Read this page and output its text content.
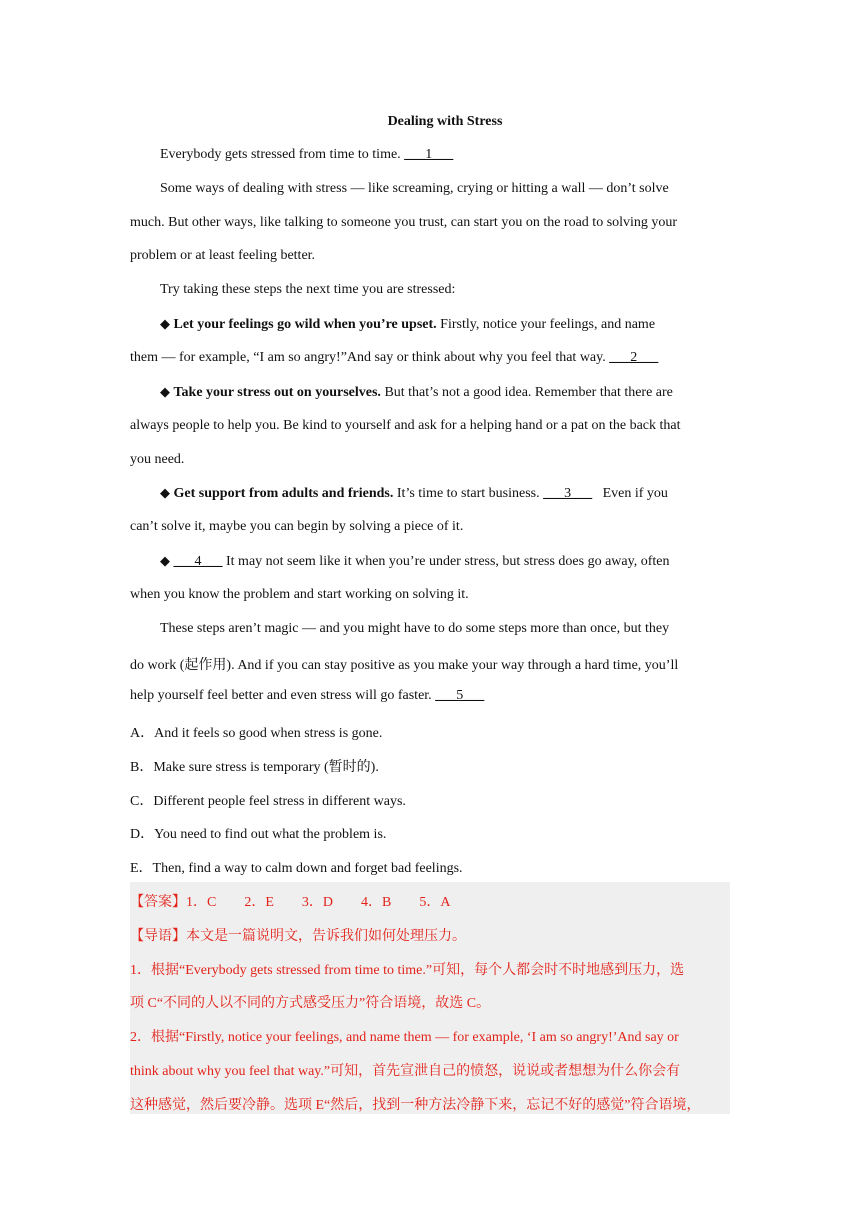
Dealing with Stress
Everybody gets stressed from time to time. ___1___
Some ways of dealing with stress — like screaming, crying or hitting a wall — don’t solve
much. But other ways, like talking to someone you trust, can start you on the road to solving your
problem or at least feeling better.
Try taking these steps the next time you are stressed:
◆ Let your feelings go wild when you’re upset. Firstly, notice your feelings, and name
them — for example, “I am so angry!”And say or think about why you feel that way. ___2___
◆ Take your stress out on yourselves. But that’s not a good idea. Remember that there are
always people to help you. Be kind to yourself and ask for a helping hand or a pat on the back that
you need.
◆ Get support from adults and friends. It’s time to start business. ___3___   Even if you
can’t solve it, maybe you can begin by solving a piece of it.
◆ ___4___ It may not seem like it when you’re under stress, but stress does go away, often
when you know the problem and start working on solving it.
These steps aren’t magic — and you might have to do some steps more than once, but they
do work (起作用). And if you can stay positive as you make your way through a hard time, you’ll
help yourself feel better and even stress will go faster. ___5___
A．And it feels so good when stress is gone.
B．Make sure stress is temporary (暂时的).
C．Different people feel stress in different ways.
D．You need to find out what the problem is.
E．Then, find a way to calm down and forget bad feelings.
【答案】1．C　　2．E　　3．D　　4．B　　5．A
【导语】本文是一篇说明文，告诉我们如何处理压力。
1．根据“Everybody gets stressed from time to time.”可知，每个人都会时不时地感到压力，选
项 C“不同的人以不同的方式感受压力”符合语境，故选 C。
2．根据“Firstly, notice your feelings, and name them — for example, ‘I am so angry!’And say or
think about why you feel that way.”可知，首先宣泄自己的愤怒，说说或者想想为什么你会有
这种感觉，然后要冷静。选项 E“然后，找到一种方法冷静下来，忘记不好的感觉”符合语境，
